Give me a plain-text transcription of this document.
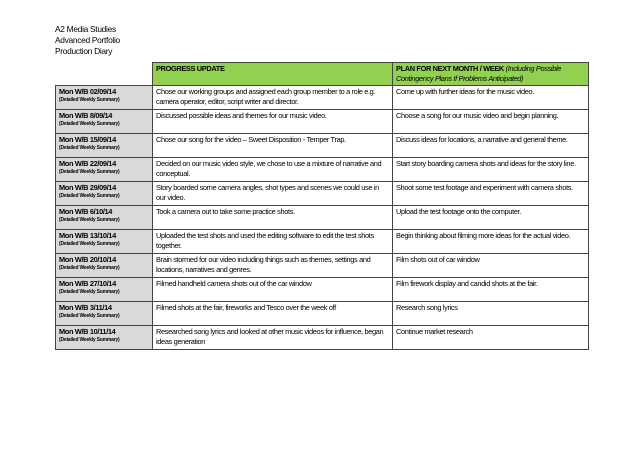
A2 Media Studies
Advanced Portfolio
Production Diary
	PROGRESS UPDATE	PLAN FOR NEXT MONTH / WEEK (Including Possible Contingency Plans If Problems Anticipated)

Mon W/B 02/09/14
(Detailed Weekly Summary)	Chose our working groups and assigned each group member to a role e.g. camera operator, editor, script writer and director.	Come up with further ideas for the music video.

Mon W/B 8/09/14
(Detailed Weekly Summary)	Discussed possible ideas and themes for our music video.	Choose a song for our music video and begin planning.

Mon W/B 15/09/14
(Detailed Weekly Summary)	Chose our song for the video – Sweet Disposition - Temper Trap.	Discuss ideas for locations, a narrative and general theme.

Mon W/B 22/09/14
(Detailed Weekly Summary)	Decided on our music video style, we chose to use a mixture of narrative and conceptual.	Start story boarding camera shots and ideas for the story line.

Mon W/B 29/09/14
(Detailed Weekly Summary)	Story boarded some camera angles, shot types and scenes we could use in our video.	Shoot some test footage and experiment with camera shots.

Mon W/B 6/10/14
(Detailed Weekly Summary)	Took a camera out to take some practice shots.	Upload the test footage onto the computer.

Mon W/B 13/10/14
(Detailed Weekly Summary)	Uploaded the test shots and used the editing software to edit the test shots together.	Begin thinking about filming more ideas for the actual video.

Mon W/B 20/10/14
(Detailed Weekly Summary)	Brain stormed for our video including things such as themes, settings and locations, narratives and genres.	Film shots out of car window

Mon W/B 27/10/14
(Detailed Weekly Summary)	Filmed handheld camera shots out of the car window	Film firework display and candid shots at the fair.

Mon W/B 3/11/14
(Detailed Weekly Summary)	Filmed shots at the fair, fireworks and Tesco over the week off	Research song lyrics

Mon W/B 10/11/14
(Detailed Weekly Summary)	Researched song lyrics and looked at other music videos for influence, began ideas generation	Continue market research
